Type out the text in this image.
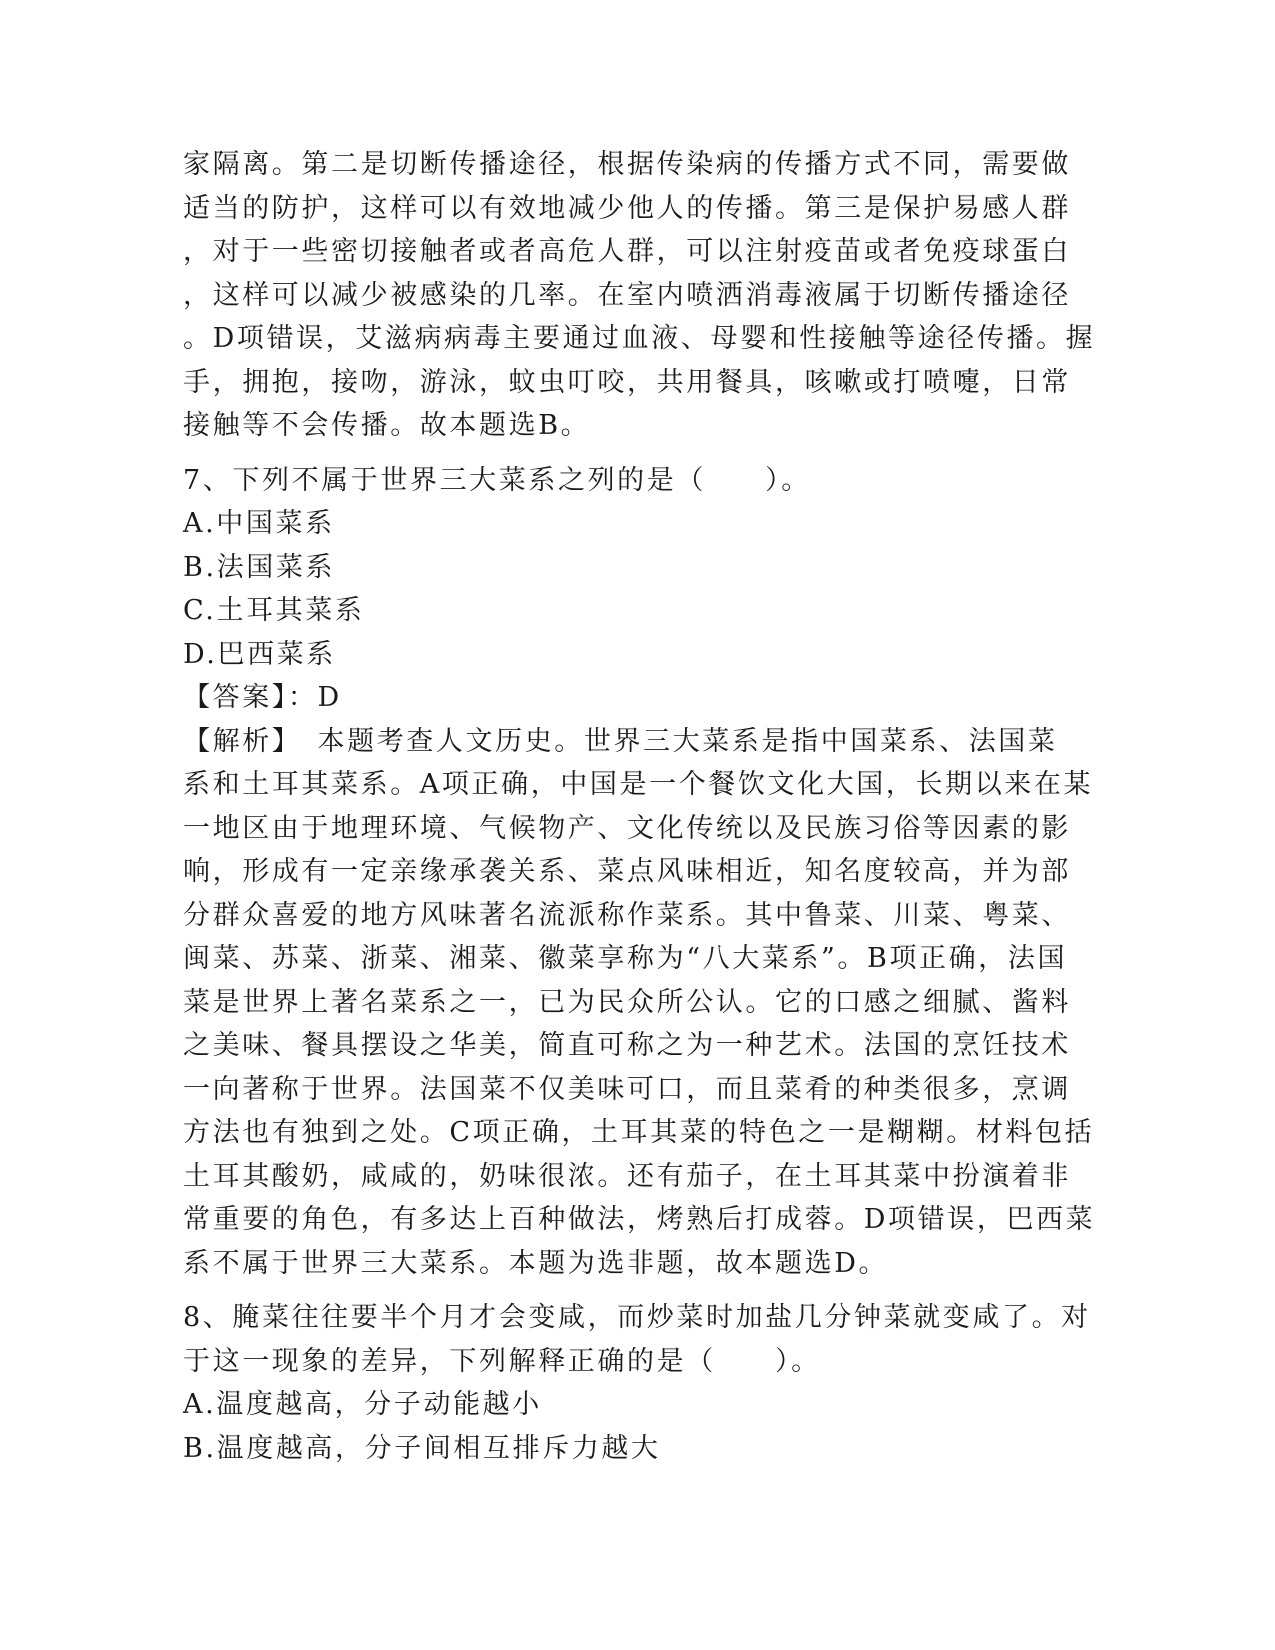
家隔离。第二是切断传播途径，根据传染病的传播方式不同，需要做
适当的防护，这样可以有效地减少他人的传播。第三是保护易感人群
，对于一些密切接触者或者高危人群，可以注射疫苗或者免疫球蛋白
，这样可以减少被感染的几率。在室内喷洒消毒液属于切断传播途径
。D项错误，艾滋病病毒主要通过血液、母婴和性接触等途径传播。握
手，拥抱，接吻，游泳，蚊虫叮咬，共用餐具，咳嗽或打喷嚏，日常
接触等不会传播。故本题选B。
7、下列不属于世界三大菜系之列的是（　　）。
A.中国菜系
B.法国菜系
C.土耳其菜系
D.巴西菜系
【答案】：D
【解析】　本题考查人文历史。世界三大菜系是指中国菜系、法国菜
系和土耳其菜系。A项正确，中国是一个餐饮文化大国，长期以来在某
一地区由于地理环境、气候物产、文化传统以及民族习俗等因素的影
响，形成有一定亲缘承袭关系、菜点风味相近，知名度较高，并为部
分群众喜爱的地方风味著名流派称作菜系。其中鲁菜、川菜、粤菜、
闽菜、苏菜、浙菜、湘菜、徽菜享称为“八大菜系”。B项正确，法国
菜是世界上著名菜系之一，已为民众所公认。它的口感之细腻、酱料
之美味、餐具摆设之华美，简直可称之为一种艺术。法国的烹饪技术
一向著称于世界。法国菜不仅美味可口，而且菜肴的种类很多，烹调
方法也有独到之处。C项正确，土耳其菜的特色之一是糊糊。材料包括
土耳其酸奶，咸咸的，奶味很浓。还有茄子，在土耳其菜中扮演着非
常重要的角色，有多达上百种做法，烤熟后打成蓉。D项错误，巴西菜
系不属于世界三大菜系。本题为选非题，故本题选D。
8、腌菜往往要半个月才会变咸，而炒菜时加盐几分钟菜就变咸了。对
于这一现象的差异，下列解释正确的是（　　）。
A.温度越高，分子动能越小
B.温度越高，分子间相互排斥力越大
